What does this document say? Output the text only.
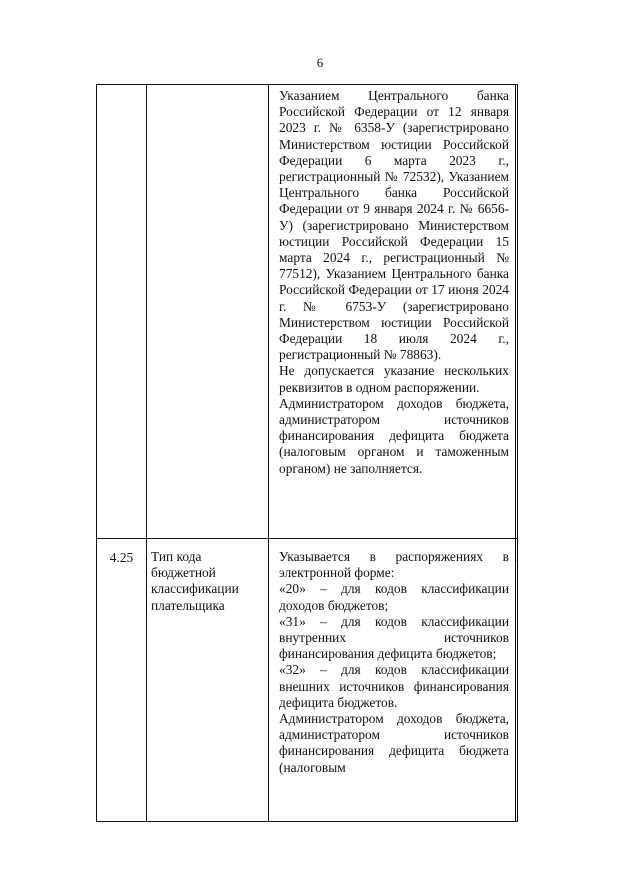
6

Указанием Центрального банка Российской Федерации от 12 января 2023 г. № 6358-У (зарегистрировано Министерством юстиции Российской Федерации 6 марта 2023 г., регистрационный № 72532), Указанием Центрального банка Российской Федерации от 9 января 2024 г. № 6656-У) (зарегистрировано Министерством юстиции Российской Федерации 15 марта 2024 г., регистрационный № 77512), Указанием Центрального банка Российской Федерации от 17 июня 2024 г. № 6753-У (зарегистрировано Министерством юстиции Российской Федерации 18 июля 2024 г., регистрационный № 78863).

Не допускается указание нескольких реквизитов в одном распоряжении.

Администратором доходов бюджета, администратором источников финансирования дефицита бюджета (налоговым органом и таможенным органом) не заполняется.

4.25	Тип кода бюджетной классификации плательщика

Указывается в распоряжениях в электронной форме:

«20» – для кодов классификации доходов бюджетов;

«31» – для кодов классификации внутренних источников финансирования дефицита бюджетов;

«32» – для кодов классификации внешних источников финансирования дефицита бюджетов.

Администратором доходов бюджета, администратором источников финансирования дефицита бюджета (налоговым
